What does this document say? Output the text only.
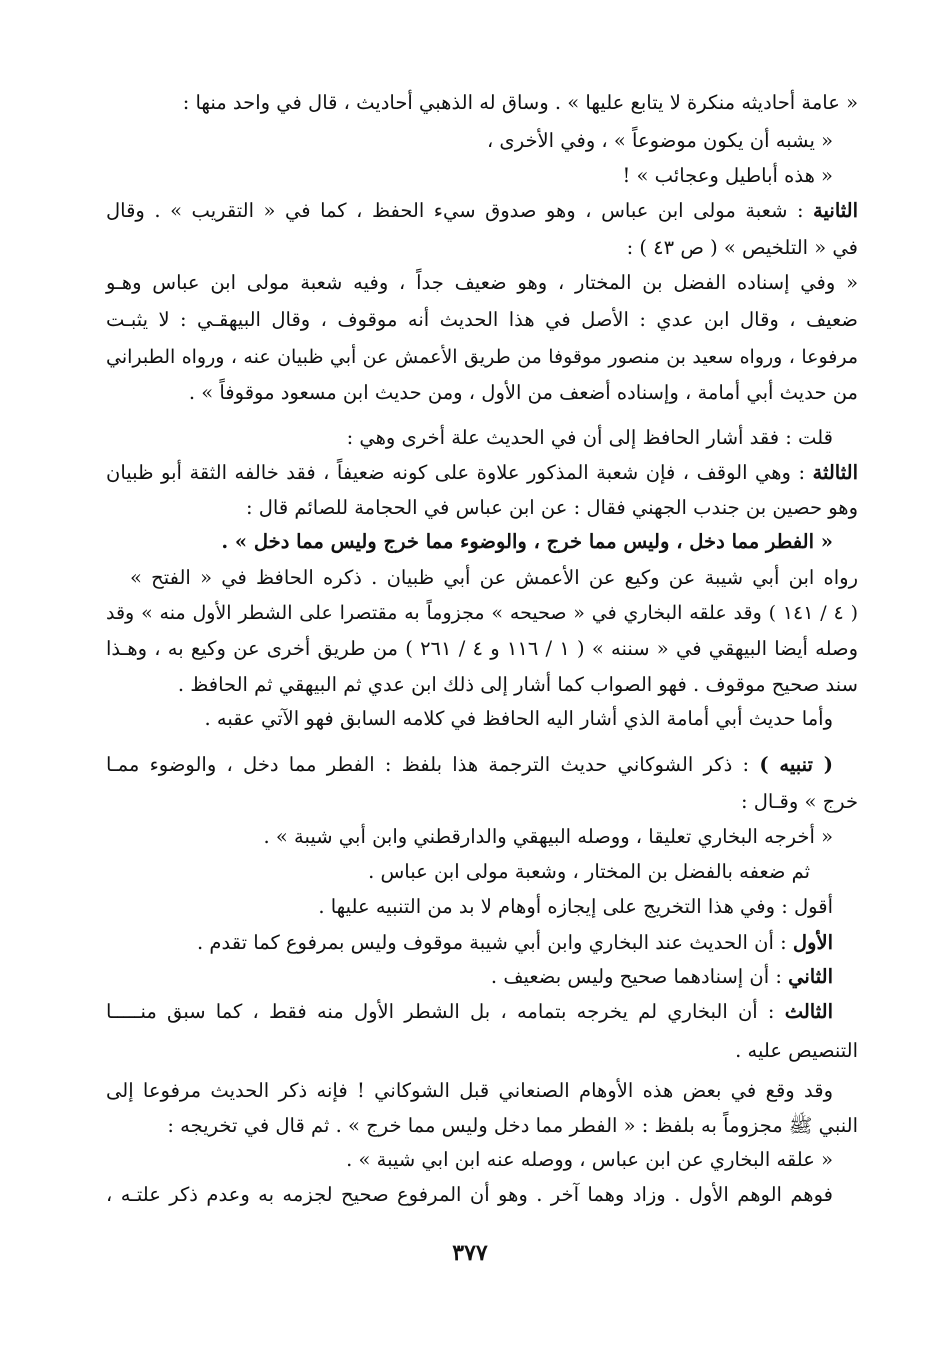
« عامة أحاديثه منكرة لا يتابع عليها » . وساق له الذهبي أحاديث ، قال في واحد منها :
« يشبه أن يكون موضوعاً » ، وفي الأخرى ،
« هذه أباطيل وعجائب » !
الثانية : شعبة مولى ابن عباس ، وهو صدوق سيء الحفظ ، كما في « التقريب » . وقال
في « التلخيص » ( ص ٤٣ ) :
« وفي إسناده الفضل بن المختار ، وهو ضعيف جداً ، وفيه شعبة مولى ابن عباس وهـو
ضعيف ، وقال ابن عدي : الأصل في هذا الحديث أنه موقوف ، وقال البيهقـي : لا يثبـت
مرفوعا ، ورواه سعيد بن منصور موقوفا من طريق الأعمش عن أبي ظبيان عنه ، ورواه الطبراني
من حديث أبي أمامة ، وإسناده أضعف من الأول ، ومن حديث ابن مسعود موقوفاً » .
قلت : فقد أشار الحافظ إلى أن في الحديث علة أخرى وهي :
الثالثة : وهي الوقف ، فإن شعبة المذكور علاوة على كونه ضعيفاً ، فقد خالفه الثقة أبو ظبيان
وهو حصين بن جندب الجهني فقال : عن ابن عباس في الحجامة للصائم قال :
« الفطر مما دخل ، وليس مما خرج ، والوضوء مما خرج وليس مما دخل » .
رواه ابن أبي شيبة عن وكيع عن الأعمش عن أبي ظبيان . ذكره الحافظ في « الفتح »
( ٤ / ١٤١ ) وقد علقه البخاري في « صحيحه » مجزوماً به مقتصرا على الشطر الأول منه » وقد
وصله أيضا البيهقي في « سننه » ( ١ / ١١٦ و ٤ / ٢٦١ ) من طريق أخرى عن وكيع به ، وهـذا
سند صحيح موقوف . فهو الصواب كما أشار إلى ذلك ابن عدي ثم البيهقي ثم الحافظ .
وأما حديث أبي أمامة الذي أشار اليه الحافظ في كلامه السابق فهو الآتي عقبه .
( تنبيه ) : ذكر الشوكاني حديث الترجمة هذا بلفظ : الفطر مما دخل ، والوضوء ممـا
خرج » وقـال :
« أخرجه البخاري تعليقا ، ووصله البيهقي والدارقطني وابن أبي شيبة » .
ثم ضعفه بالفضل بن المختار ، وشعبة مولى ابن عباس .
أقول : وفي هذا التخريج على إيجازه أوهام لا بد من التنبيه عليها .
الأول : أن الحديث عند البخاري وابن أبي شيبة موقوف وليس بمرفوع كما تقدم .
الثاني : أن إسنادهما صحيح وليس بضعيف .
الثالث : أن البخاري لم يخرجه بتمامه ، بل الشطر الأول منه فقط ، كما سبق منـــــا
التنصيص عليه .
وقد وقع في بعض هذه الأوهام الصنعاني قبل الشوكاني ! فإنه ذكر الحديث مرفوعا إلى
النبي ﷺ مجزوماً به بلفظ : « الفطر مما دخل وليس مما خرج » . ثم قال في تخريجه :
« علقه البخاري عن ابن عباس ، ووصله عنه ابن ابي شيبة » .
فوهم الوهم الأول . وزاد وهما آخر . وهو أن المرفوع صحيح لجزمه به وعدم ذكر علتـه ،
٣٧٧
